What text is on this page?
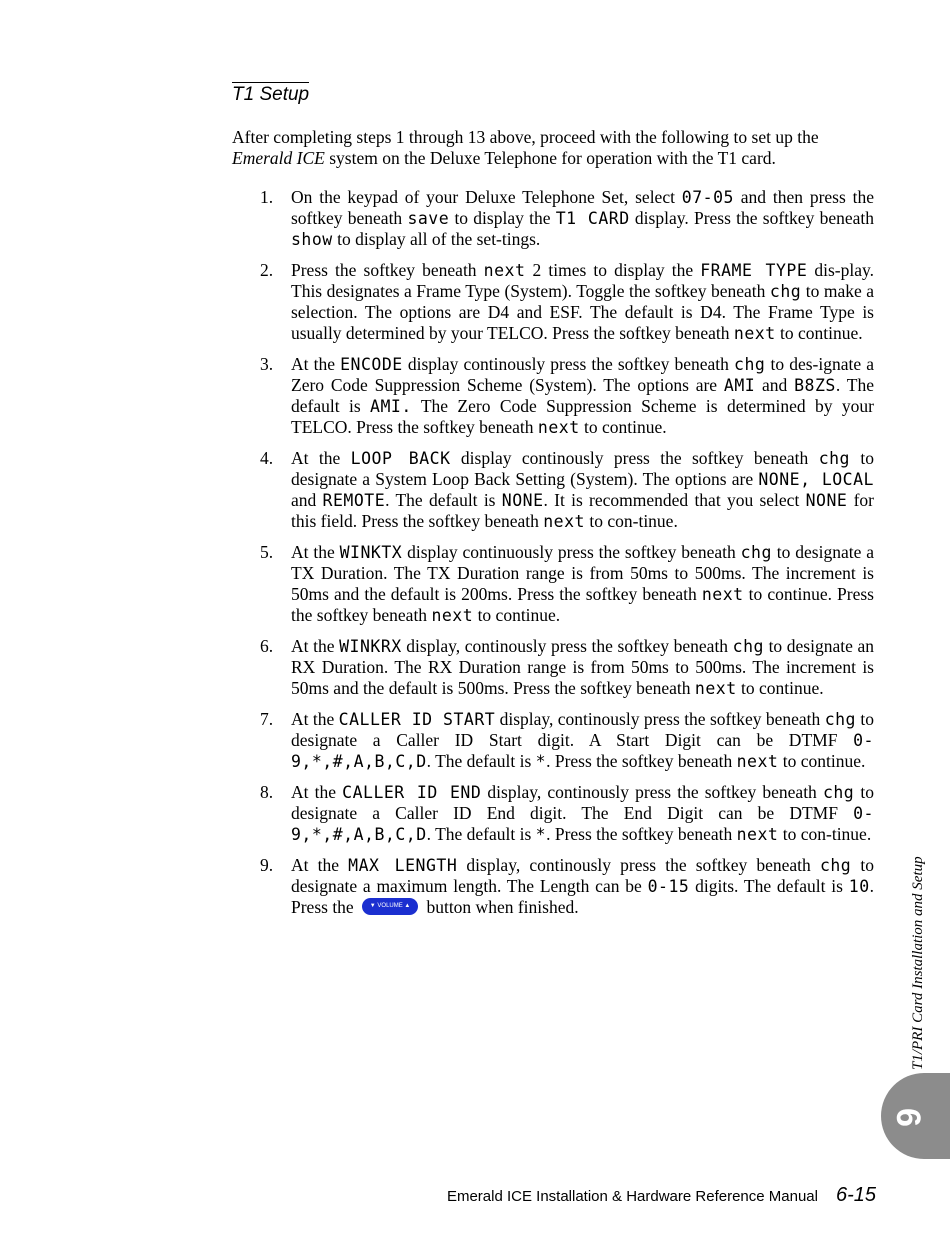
T1 Setup
After completing steps 1 through 13 above, proceed with the following to set up the Emerald ICE system on the Deluxe Telephone for operation with the T1 card.
1. On the keypad of your Deluxe Telephone Set, select 07-05 and then press the softkey beneath save to display the T1 CARD display. Press the softkey beneath show to display all of the set-tings.
2. Press the softkey beneath next 2 times to display the FRAME TYPE dis-play. This designates a Frame Type (System). Toggle the softkey beneath chg to make a selection. The options are D4 and ESF. The default is D4. The Frame Type is usually determined by your TELCO. Press the softkey beneath next to continue.
3. At the ENCODE display continously press the softkey beneath chg to des-ignate a Zero Code Suppression Scheme (System). The options are AMI and B8ZS. The default is AMI. The Zero Code Suppression Scheme is determined by your TELCO. Press the softkey beneath next to continue.
4. At the LOOP BACK display continously press the softkey beneath chg to designate a System Loop Back Setting (System). The options are NONE, LOCAL and REMOTE. The default is NONE. It is recommended that you select NONE for this field. Press the softkey beneath next to con-tinue.
5. At the WINKTX display continuously press the softkey beneath chg to designate a TX Duration. The TX Duration range is from 50ms to 500ms. The increment is 50ms and the default is 200ms. Press the softkey beneath next to continue. Press the softkey beneath next to continue.
6. At the WINKRX display, continously press the softkey beneath chg to designate an RX Duration. The RX Duration range is from 50ms to 500ms. The increment is 50ms and the default is 500ms. Press the softkey beneath next to continue.
7. At the CALLER ID START display, continously press the softkey beneath chg to designate a Caller ID Start digit. A Start Digit can be DTMF 0-9,*,#,A,B,C,D. The default is *. Press the softkey beneath next to continue.
8. At the CALLER ID END display, continously press the softkey beneath chg to designate a Caller ID End digit. The End Digit can be DTMF 0-9,*,#,A,B,C,D. The default is *. Press the softkey beneath next to con-tinue.
9. At the MAX LENGTH display, continously press the softkey beneath chg to designate a maximum length. The Length can be 0-15 digits. The default is 10. Press the ▼ VOLUME ▲ button when finished.	T1/PRI Card Installation and Setup
6
Emerald ICE Installation & Hardware Reference Manual 6-15
